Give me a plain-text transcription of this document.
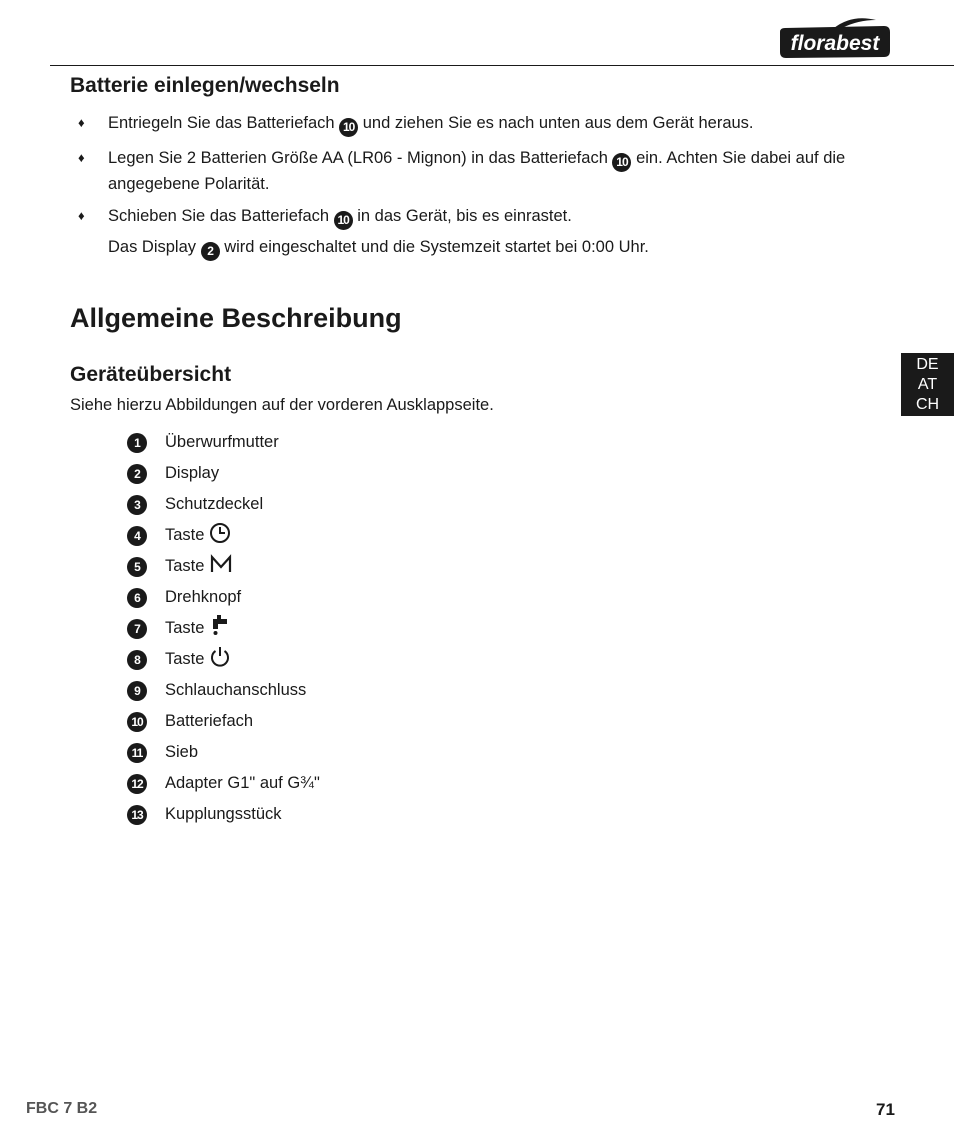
florabest
DE
AT
CH
Batterie einlegen/wechseln
♦ Entriegeln Sie das Batteriefach 10 und ziehen Sie es nach unten aus dem Gerät heraus.
♦ Legen Sie 2 Batterien Größe AA (LR06 - Mignon) in das Batteriefach 10 ein. Achten Sie dabei auf die
angegebene Polarität.
♦ Schieben Sie das Batteriefach 10 in das Gerät, bis es einrastet.
Das Display 2 wird eingeschaltet und die Systemzeit startet bei 0:00 Uhr.
Allgemeine Beschreibung
Geräteübersicht
Siehe hierzu Abbildungen auf der vorderen Ausklappseite.
1	Überwurfmutter
2	Display
3	Schutzdeckel
4	Taste
5	Taste
6	Drehknopf
7	Taste
8	Taste
9	Schlauchanschluss
10 Batteriefach
11 Sieb
12 Adapter G1" auf G¾"
13 Kupplungsstück
FBC 7 B2	71
